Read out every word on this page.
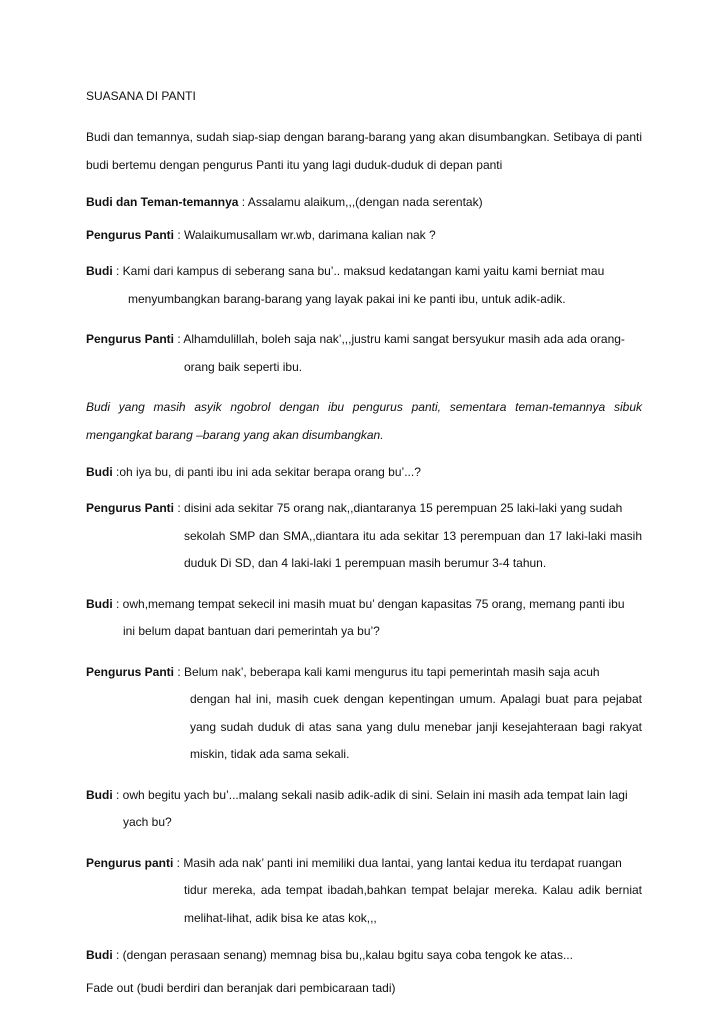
SUASANA DI PANTI

Budi dan temannya, sudah siap-siap dengan barang-barang yang akan disumbangkan. Setibaya di panti budi bertemu dengan pengurus Panti itu yang lagi duduk-duduk di depan panti

Budi dan Teman-temannya : Assalamu alaikum,,,(dengan nada serentak)

Pengurus Panti : Walaikumusallam wr.wb, darimana kalian nak ?

Budi : Kami dari kampus di seberang sana bu’.. maksud kedatangan kami yaitu kami berniat mau
menyumbangkan barang-barang yang layak pakai ini ke panti ibu, untuk adik-adik.

Pengurus Panti : Alhamdulillah, boleh saja nak’,,,justru kami sangat bersyukur masih ada ada orang-
orang baik seperti ibu.

Budi yang masih asyik ngobrol dengan ibu pengurus panti, sementara teman-temannya sibuk mengangkat barang –barang yang akan disumbangkan.

Budi :oh iya bu, di panti ibu ini ada sekitar berapa orang bu’...?

Pengurus Panti : disini ada sekitar 75 orang nak,,diantaranya 15 perempuan 25 laki-laki yang sudah
sekolah SMP dan SMA,,diantara itu ada sekitar 13 perempuan dan 17 laki-laki masih duduk Di SD, dan 4 laki-laki 1 perempuan masih berumur 3-4 tahun.

Budi : owh,memang tempat sekecil ini masih muat bu’ dengan kapasitas 75 orang, memang panti ibu
ini belum dapat bantuan dari pemerintah ya bu’?

Pengurus Panti : Belum nak’, beberapa kali kami mengurus itu tapi pemerintah masih saja acuh
dengan hal ini, masih cuek dengan kepentingan umum. Apalagi buat para pejabat yang sudah duduk di atas sana yang dulu menebar janji kesejahteraan bagi rakyat miskin, tidak ada sama sekali.

Budi : owh begitu yach bu’...malang sekali nasib adik-adik di sini. Selain ini masih ada tempat lain lagi
yach bu?

Pengurus panti : Masih ada nak’ panti ini memiliki dua lantai, yang lantai kedua itu terdapat ruangan
tidur mereka, ada tempat ibadah,bahkan tempat belajar mereka. Kalau adik berniat melihat-lihat, adik bisa ke atas kok,,,

Budi : (dengan perasaan senang) memnag bisa bu,,kalau bgitu saya coba tengok ke atas...

Fade out (budi berdiri dan beranjak dari pembicaraan tadi)
